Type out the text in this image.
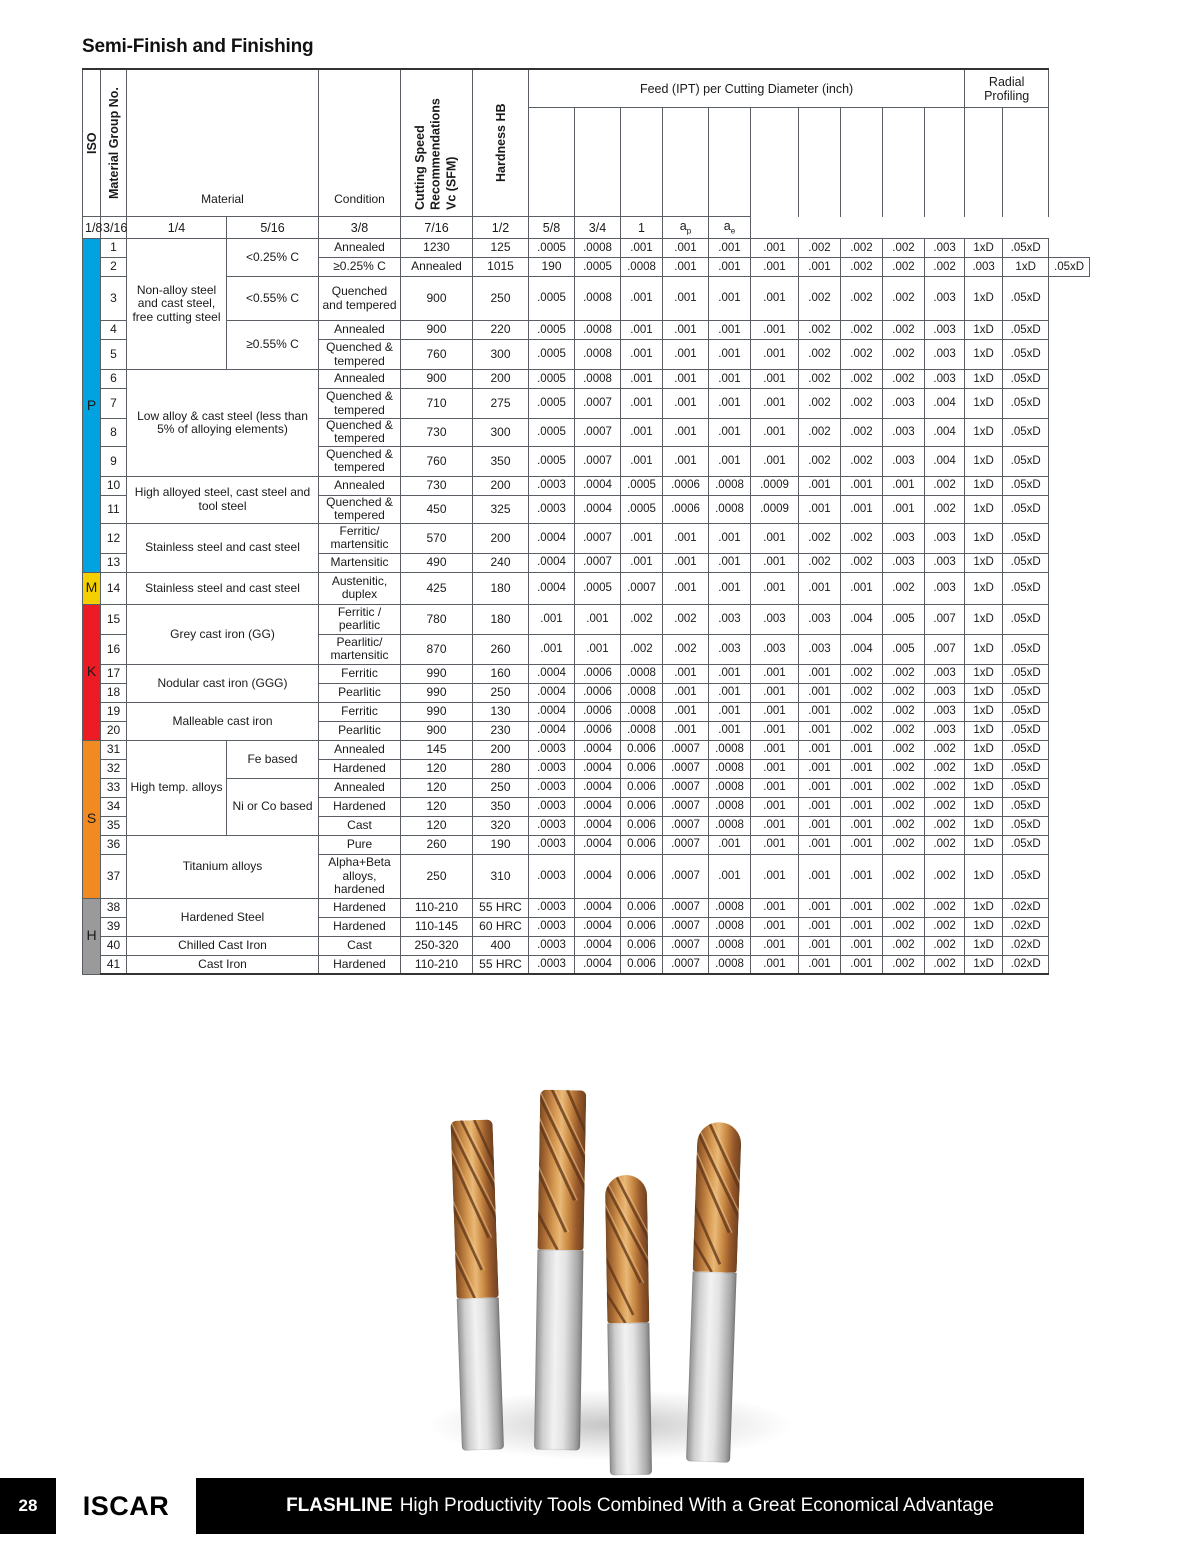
Semi-Finish and Finishing
ISO	Material Group No.	Material		Condition	Cutting Speed Recommendations Vc (SFM)	Hardness HB	Feed (IPT) per Cutting Diameter (inch)										Radial
Profiling		

1/8	3/16	1/4	5/16	3/8	7/16	1/2	5/8	3/4	1	$a_p$	$a_e$
P	1	Non-alloy steel and cast steel, free cutting steel	<0.25% C	Annealed	1230	125	.0005	.0008	.001	.001	.001	.001	.002	.002	.002	.003	1xD	.05xD	
	2			≥0.25% C	Annealed	1015	190	.0005	.0008	.001	.001	.001	.001	.002	.002	.002	.003	1xD	.05xD
	3		<0.55% C	Quenched and tempered	900	250	.0005	.0008	.001	.001	.001	.001	.002	.002	.002	.003	1xD	.05xD	
	4		≥0.55% C	Annealed	900	220	.0005	.0008	.001	.001	.001	.001	.002	.002	.002	.003	1xD	.05xD	
	5			Quenched & tempered	760	300	.0005	.0008	.001	.001	.001	.001	.002	.002	.002	.003	1xD	.05xD	
	6	Low alloy & cast steel (less than 5% of alloying elements)		Annealed	900	200	.0005	.0008	.001	.001	.001	.001	.002	.002	.002	.003	1xD	.05xD	
	7			Quenched & tempered	710	275	.0005	.0007	.001	.001	.001	.001	.002	.002	.003	.004	1xD	.05xD	
	8			Quenched & tempered	730	300	.0005	.0007	.001	.001	.001	.001	.002	.002	.003	.004	1xD	.05xD	
	9			Quenched & tempered	760	350	.0005	.0007	.001	.001	.001	.001	.002	.002	.003	.004	1xD	.05xD	
	10	High alloyed steel, cast steel and tool steel		Annealed	730	200	.0003	.0004	.0005	.0006	.0008	.0009	.001	.001	.001	.002	1xD	.05xD	
	11			Quenched & tempered	450	325	.0003	.0004	.0005	.0006	.0008	.0009	.001	.001	.001	.002	1xD	.05xD	
	12	Stainless steel and cast steel		Ferritic/ martensitic	570	200	.0004	.0007	.001	.001	.001	.001	.002	.002	.003	.003	1xD	.05xD	
	13			Martensitic	490	240	.0004	.0007	.001	.001	.001	.001	.002	.002	.003	.003	1xD	.05xD	
M	14	Stainless steel and cast steel		Austenitic, duplex	425	180	.0004	.0005	.0007	.001	.001	.001	.001	.001	.002	.003	1xD	.05xD	
K	15	Grey cast iron (GG)		Ferritic / pearlitic	780	180	.001	.001	.002	.002	.003	.003	.003	.004	.005	.007	1xD	.05xD	
	16			Pearlitic/ martensitic	870	260	.001	.001	.002	.002	.003	.003	.003	.004	.005	.007	1xD	.05xD	
	17	Nodular cast iron (GGG)		Ferritic	990	160	.0004	.0006	.0008	.001	.001	.001	.001	.002	.002	.003	1xD	.05xD	
	18			Pearlitic	990	250	.0004	.0006	.0008	.001	.001	.001	.001	.002	.002	.003	1xD	.05xD	
	19	Malleable cast iron		Ferritic	990	130	.0004	.0006	.0008	.001	.001	.001	.001	.002	.002	.003	1xD	.05xD	
	20			Pearlitic	900	230	.0004	.0006	.0008	.001	.001	.001	.001	.002	.002	.003	1xD	.05xD	
S	31	High temp. alloys	Fe based	Annealed	145	200	.0003	.0004	0.006	.0007	.0008	.001	.001	.001	.002	.002	1xD	.05xD	
	32			Hardened	120	280	.0003	.0004	0.006	.0007	.0008	.001	.001	.001	.002	.002	1xD	.05xD	
	33		Ni or Co based	Annealed	120	250	.0003	.0004	0.006	.0007	.0008	.001	.001	.001	.002	.002	1xD	.05xD	
	34			Hardened	120	350	.0003	.0004	0.006	.0007	.0008	.001	.001	.001	.002	.002	1xD	.05xD	
	35			Cast	120	320	.0003	.0004	0.006	.0007	.0008	.001	.001	.001	.002	.002	1xD	.05xD	
	36	Titanium alloys		Pure	260	190	.0003	.0004	0.006	.0007	.001	.001	.001	.001	.002	.002	1xD	.05xD	
	37			Alpha+Beta alloys, hardened	250	310	.0003	.0004	0.006	.0007	.001	.001	.001	.001	.002	.002	1xD	.05xD	
H	38	Hardened Steel		Hardened	110-210	55 HRC	.0003	.0004	0.006	.0007	.0008	.001	.001	.001	.002	.002	1xD	.02xD	
	39			Hardened	110-145	60 HRC	.0003	.0004	0.006	.0007	.0008	.001	.001	.001	.002	.002	1xD	.02xD	
	40	Chilled Cast Iron		Cast	250-320	400	.0003	.0004	0.006	.0007	.0008	.001	.001	.001	.002	.002	1xD	.02xD	
	41	Cast Iron		Hardened	110-210	55 HRC	.0003	.0004	0.006	.0007	.0008	.001	.001	.001	.002	.002	1xD	.02xD	
28	ISCAR	FLASHLINE High Productivity Tools Combined With a Great Economical Advantage
